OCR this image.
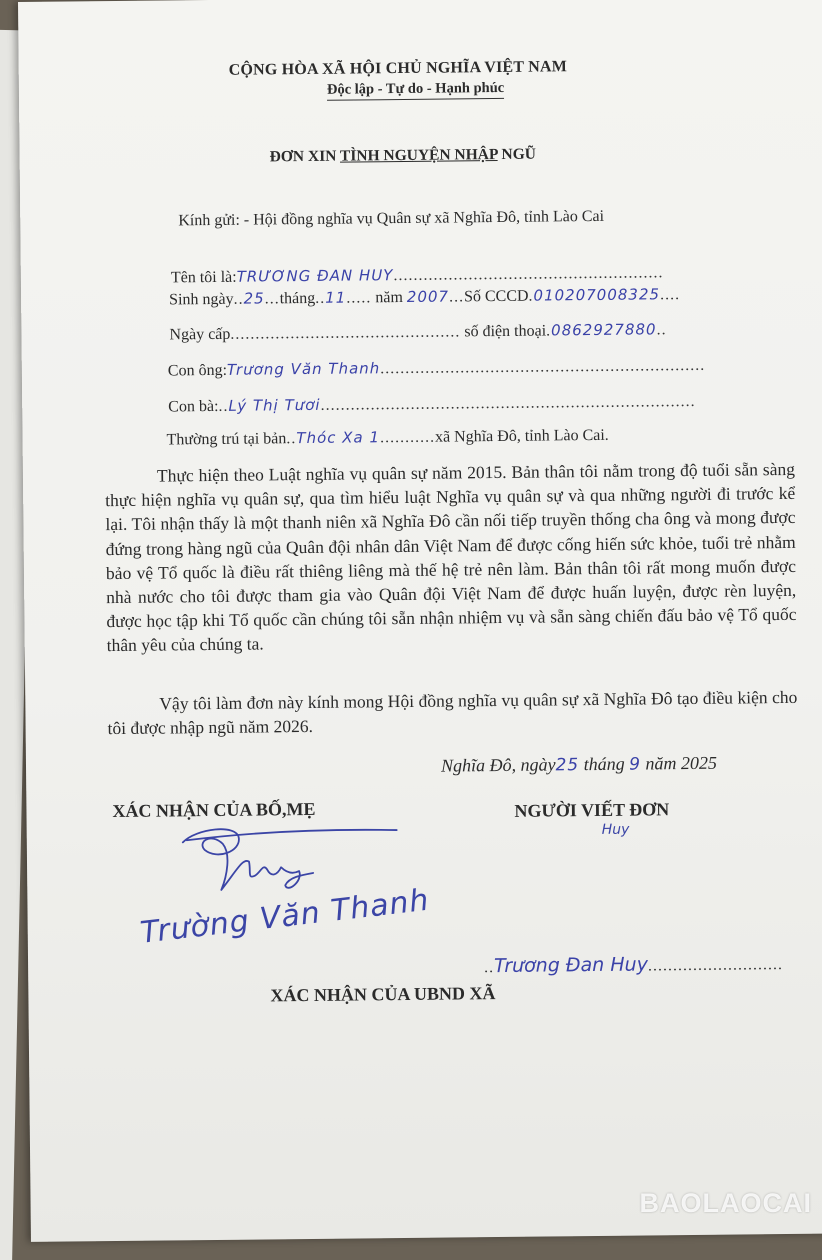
CỘNG HÒA XÃ HỘI CHỦ NGHĨA VIỆT NAM
Độc lập - Tự do - Hạnh phúc
ĐƠN XIN TÌNH NGUYỆN NHẬP NGŨ
Kính gửi: - Hội đồng nghĩa vụ Quân sự xã Nghĩa Đô, tỉnh Lào Cai
Tên tôi là:TRƯƠNG ĐAN HUY......................................................
Sinh ngày..25...tháng..11..... năm 2007...Số CCCD.010207008325....
Ngày cấp.............................................. số điện thoại.0862927880..
Con ông:Trương Văn Thanh.................................................................
Con bà:..Lý Thị Tươi...........................................................................
Thường trú tại bản..Thóc Xa 1...........xã Nghĩa Đô, tỉnh Lào Cai.
Thực hiện theo Luật nghĩa vụ quân sự năm 2015. Bản thân tôi nằm trong độ tuổi sẵn sàng thực hiện nghĩa vụ quân sự, qua tìm hiểu luật Nghĩa vụ quân sự và qua những người đi trước kể lại. Tôi nhận thấy là một thanh niên xã Nghĩa Đô cần nối tiếp truyền thống cha ông và mong được đứng trong hàng ngũ của Quân đội nhân dân Việt Nam để được cống hiến sức khỏe, tuổi trẻ nhằm bảo vệ Tổ quốc là điều rất thiêng liêng mà thế hệ trẻ nên làm. Bản thân tôi rất mong muốn được nhà nước cho tôi được tham gia vào Quân đội Việt Nam để được huấn luyện, được rèn luyện, được học tập khi Tổ quốc cần chúng tôi sẵn nhận nhiệm vụ và sẵn sàng chiến đấu bảo vệ Tổ quốc thân yêu của chúng ta.
Vậy tôi làm đơn này kính mong Hội đồng nghĩa vụ quân sự xã Nghĩa Đô tạo điều kiện cho tôi được nhập ngũ năm 2026.
Nghĩa Đô, ngày25 tháng 9 năm 2025
XÁC NHẬN CỦA BỐ,MẸ	NGƯỜI VIẾT ĐƠN
Trường Văn Thanh
Huy
..Trương Đan Huy...........................
XÁC NHẬN CỦA UBND XÃ
BAOLAOCAI
